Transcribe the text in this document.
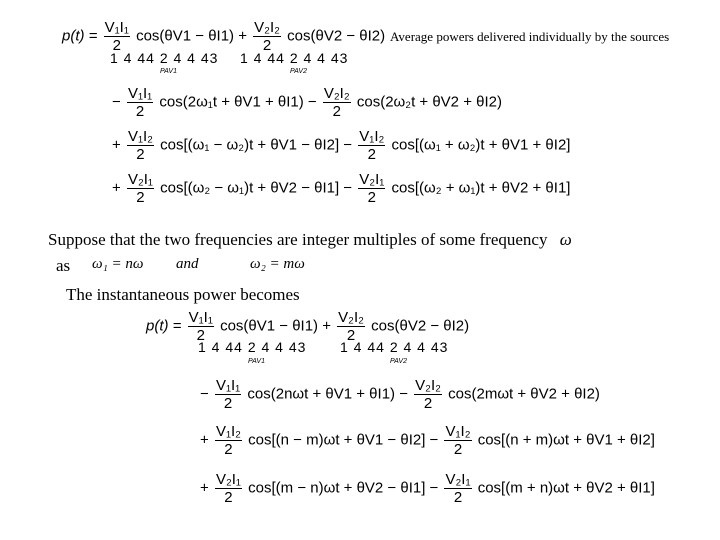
Average powers delivered individually by the sources
$p(t) = \frac{\text{V₁I₁}}{2} \cos(\theta V1 - \theta I1) + \frac{\text{V₂I₂}}{2} \cos(\theta V2 - \theta I2)$
1 4 44 2 4 4 43 1 4 44 2 4 4 43
PAV1	PAV2
− $\frac{\text{V₁I₁}}{2} \cos(2\omega_1t + \theta V1 + \theta I1) - \frac{\text{V₂I₂}}{2} \cos(2\omega_2t + \theta V2 + \theta I2)$
+ $\frac{\text{V₁I₂}}{2} \cos[(\omega_1 - \omega_2)t + \theta V1 - \theta I2] - \frac{\text{V₁I₂}}{2} \cos[(\omega_1 + \omega_2)t + \theta V1 + \theta I2]$
+ $\frac{\text{V₂I₁}}{2} \cos[(\omega_2 - \omega_1)t + \theta V2 - \theta I1] - \frac{\text{V₂I₁}}{2} \cos[(\omega_2 + \omega_1)t + \theta V2 + \theta I1]$
Suppose that the two frequencies are integer multiples of some frequency ω
as ω₁ = nω and	ω₂ = mω
The instantaneous power becomes
$p(t) = \frac{\text{V₁I₁}}{2} \cos(\theta V1 - \theta I1) + \frac{\text{V₂I₂}}{2} \cos(\theta V2 - \theta I2)$
1 4 44 2 4 4 43 1 4 44 2 4 4 43
PAV1	PAV2
− $\frac{\text{V₁I₁}}{2} \cos(2n\omega t + \theta V1 + \theta I1) - \frac{\text{V₂I₂}}{2} \cos(2m\omega t + \theta V2 + \theta I2)$
+ $\frac{\text{V₁I₂}}{2} \cos[(n - m)\omega t + \theta V1 - \theta I2] - \frac{\text{V₁I₂}}{2} \cos[(n + m)\omega t + \theta V1 + \theta I2]$
+ $\frac{\text{V₂I₁}}{2} \cos[(m - n)\omega t + \theta V2 - \theta I1] - \frac{\text{V₂I₁}}{2} \cos[(m + n)\omega t + \theta V2 + \theta I1]$
